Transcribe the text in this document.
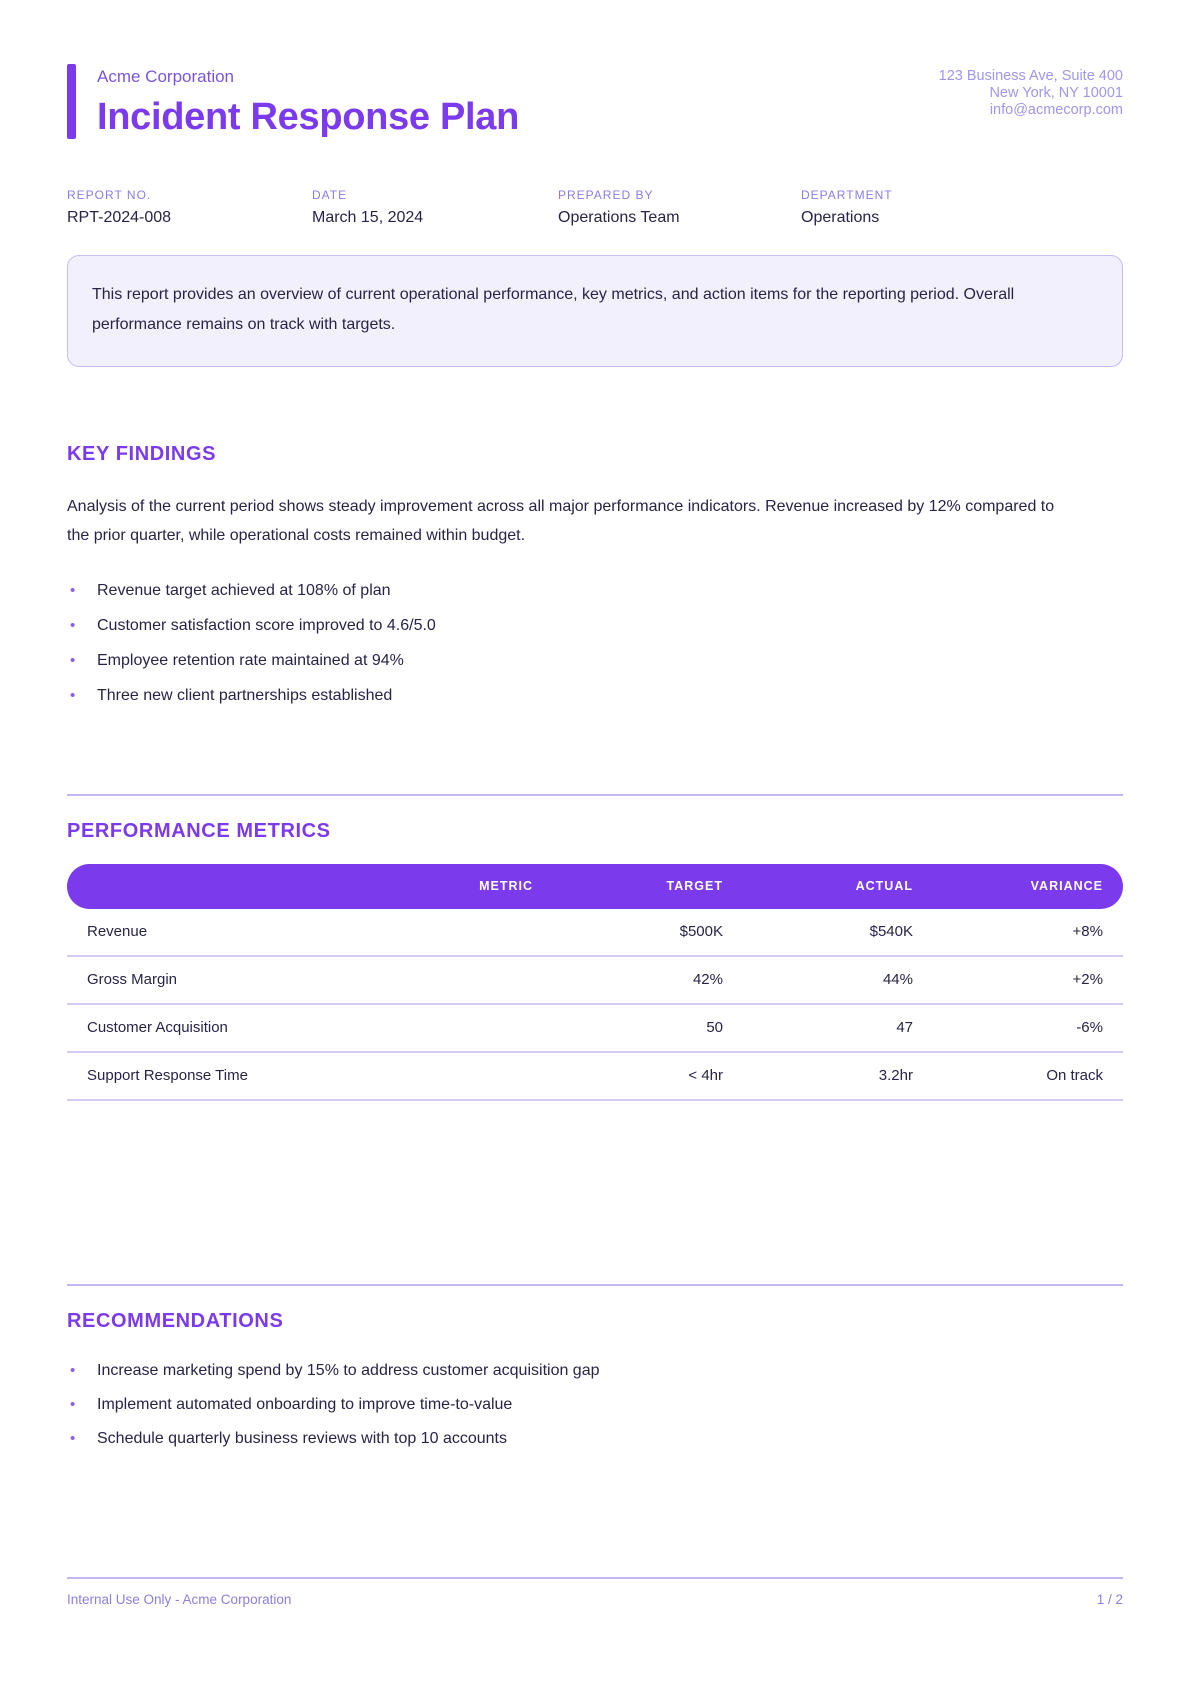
Acme Corporation
Incident Response Plan
123 Business Ave, Suite 400
New York, NY 10001
info@acmecorp.com
REPORT NO.
RPT-2024-008
DATE
March 15, 2024
PREPARED BY
Operations Team
DEPARTMENT
Operations
This report provides an overview of current operational performance, key metrics, and action items for the reporting period. Overall performance remains on track with targets.
KEY FINDINGS
Analysis of the current period shows steady improvement across all major performance indicators. Revenue increased by 12% compared to the prior quarter, while operational costs remained within budget.
•	Revenue target achieved at 108% of plan
•	Customer satisfaction score improved to 4.6/5.0
•	Employee retention rate maintained at 94%
•	Three new client partnerships established
PERFORMANCE METRICS
METRIC	TARGET	ACTUAL	VARIANCE
Revenue	$500K	$540K	+8%
Gross Margin	42%	44%	+2%
Customer Acquisition	50	47	-6%
Support Response Time	< 4hr	3.2hr	On track
RECOMMENDATIONS
•	Increase marketing spend by 15% to address customer acquisition gap
•	Implement automated onboarding to improve time-to-value
•	Schedule quarterly business reviews with top 10 accounts
Internal Use Only - Acme Corporation	1 / 2
